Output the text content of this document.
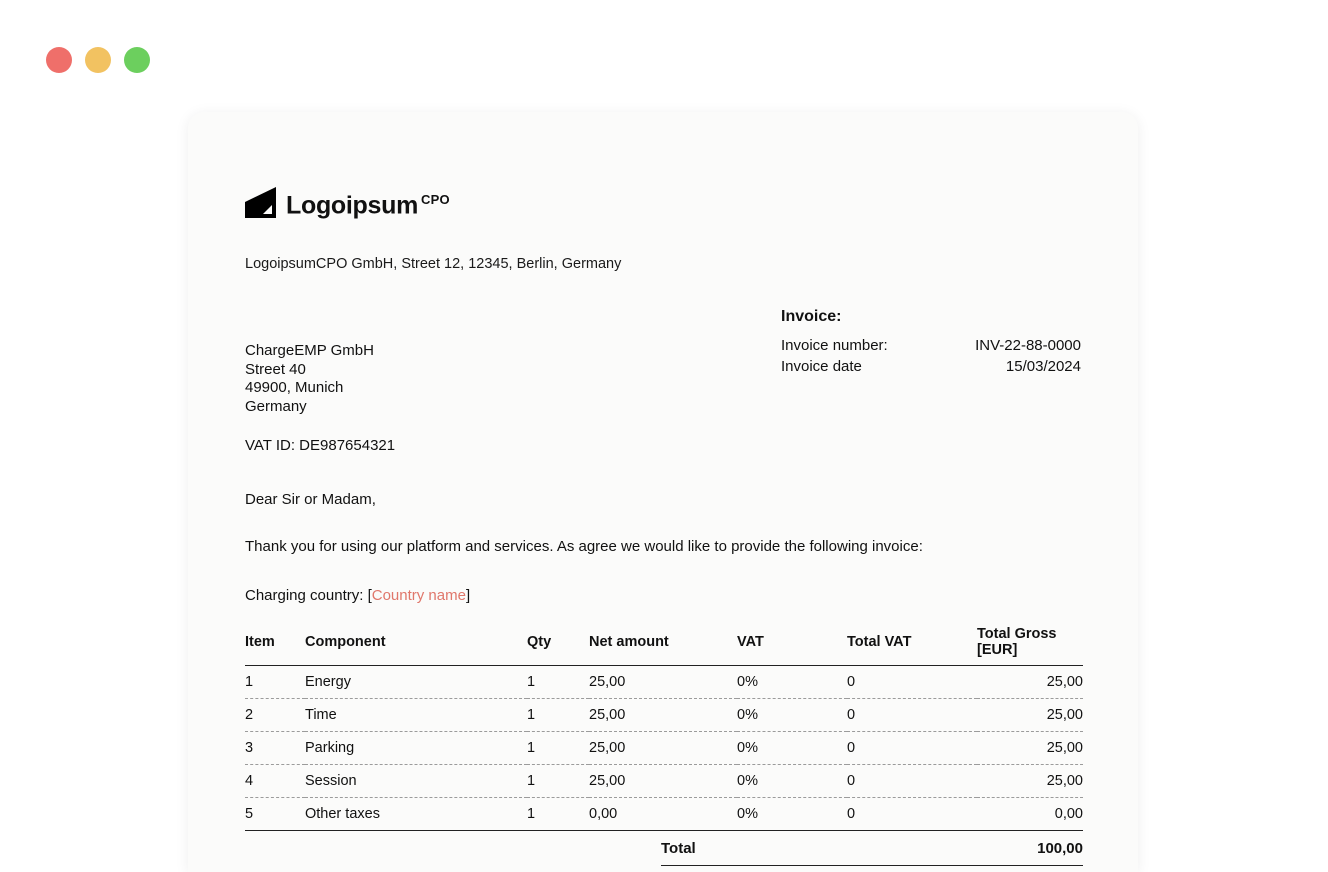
Logoipsum $^{CPO}$
LogoipsumCPO GmbH, Street 12, 12345, Berlin, Germany
ChargeEMP GmbH
Street 40
49900, Munich
Germany
VAT ID: DE987654321
Invoice:
Invoice number:	INV-22-88-0000
Invoice date	15/03/2024
Dear Sir or Madam,
Thank you for using our platform and services. As agree we would like to provide the following invoice:
Charging country: [Country name]
Item	Component	Qty	Net amount	VAT	Total VAT	Total Gross [EUR]
1	Energy	1	25,00	0%	0	25,00
2	Time	1	25,00	0%	0	25,00
3	Parking	1	25,00	0%	0	25,00
4	Session	1	25,00	0%	0	25,00
5	Other taxes	1	0,00	0%	0	0,00
Total	100,00
